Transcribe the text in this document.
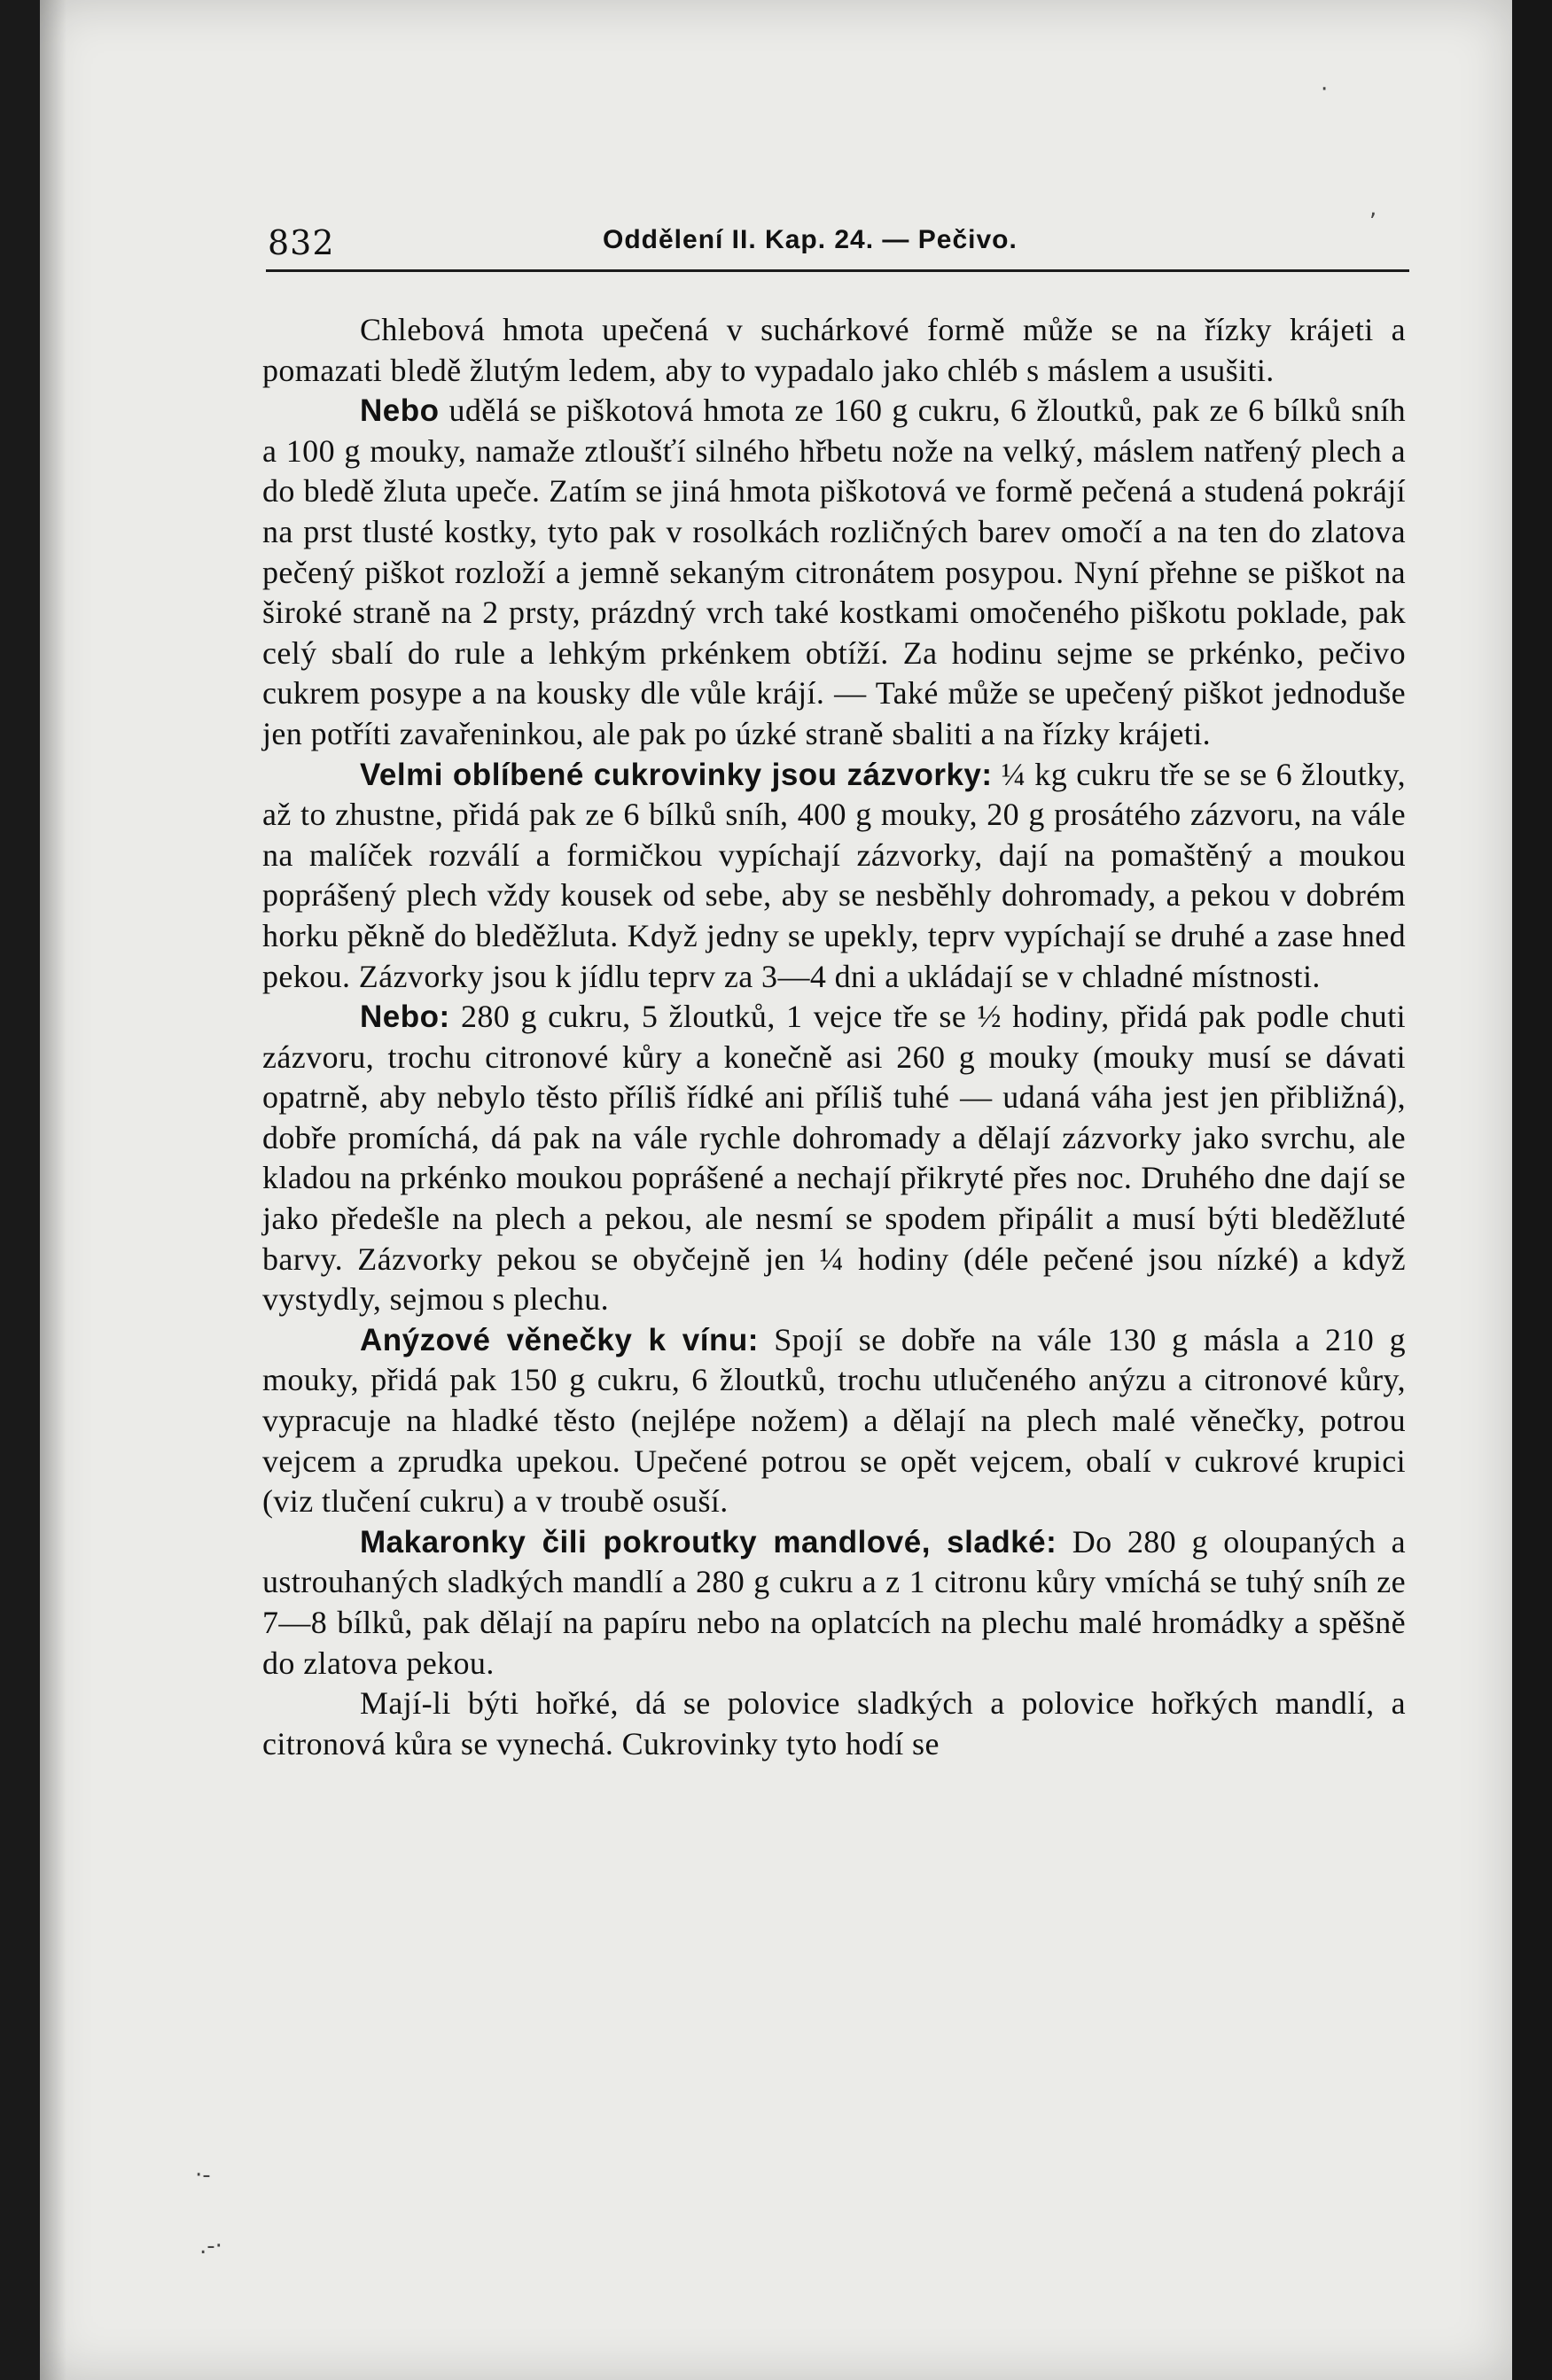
·
,
·-
.-·
832	Oddělení II. Kap. 24. — Pečivo.

Chlebová hmota upečená v suchárkové formě může se na řízky krájeti a pomazati bledě žlutým ledem, aby to vypadalo jako chléb s máslem a usušiti.

Nebo udělá se piškotová hmota ze 160 g cukru, 6 žloutků, pak ze 6 bílků sníh a 100 g mouky, namaže ztloušťí silného hřbetu nože na velký, máslem natřený plech a do bledě žluta upeče. Zatím se jiná hmota piškotová ve formě pečená a studená pokrájí na prst tlusté kostky, tyto pak v rosolkách rozličných barev omočí a na ten do zlatova pečený piškot rozloží a jemně sekaným citronátem posypou. Nyní přehne se piškot na široké straně na 2 prsty, prázdný vrch také kostkami omočeného piškotu poklade, pak celý sbalí do rule a lehkým prkénkem obtíží. Za hodinu sejme se prkénko, pečivo cukrem posype a na kousky dle vůle krájí. — Také může se upečený piškot jednoduše jen potříti zavařeninkou, ale pak po úzké straně sbaliti a na řízky krájeti.

Velmi oblíbené cukrovinky jsou zázvorky: ¼ kg cukru tře se se 6 žloutky, až to zhustne, přidá pak ze 6 bílků sníh, 400 g mouky, 20 g prosátého zázvoru, na vále na malíček rozválí a formičkou vypíchají zázvorky, dají na pomaštěný a moukou poprášený plech vždy kousek od sebe, aby se nesběhly dohromady, a pekou v dobrém horku pěkně do bleděžluta. Když jedny se upekly, teprv vypíchají se druhé a zase hned pekou. Zázvorky jsou k jídlu teprv za 3—4 dni a ukládají se v chladné místnosti.

Nebo: 280 g cukru, 5 žloutků, 1 vejce tře se ½ hodiny, přidá pak podle chuti zázvoru, trochu citronové kůry a konečně asi 260 g mouky (mouky musí se dávati opatrně, aby nebylo těsto příliš řídké ani příliš tuhé — udaná váha jest jen přibližná), dobře promíchá, dá pak na vále rychle dohromady a dělají zázvorky jako svrchu, ale kladou na prkénko moukou poprášené a nechají přikryté přes noc. Druhého dne dají se jako předešle na plech a pekou, ale nesmí se spodem připálit a musí býti bleděžluté barvy. Zázvorky pekou se obyčejně jen ¼ hodiny (déle pečené jsou nízké) a když vystydly, sejmou s plechu.

Anýzové věnečky k vínu: Spojí se dobře na vále 130 g másla a 210 g mouky, přidá pak 150 g cukru, 6 žloutků, trochu utlučeného anýzu a citronové kůry, vypracuje na hladké těsto (nejlépe nožem) a dělají na plech malé věnečky, potrou vejcem a zprudka upekou. Upečené potrou se opět vejcem, obalí v cukrové krupici (viz tlučení cukru) a v troubě osuší.

Makaronky čili pokroutky mandlové, sladké: Do 280 g oloupaných a ustrouhaných sladkých mandlí a 280 g cukru a z 1 citronu kůry vmíchá se tuhý sníh ze 7—8 bílků, pak dělají na papíru nebo na oplatcích na plechu malé hromádky a spěšně do zlatova pekou.

Mají-li býti hořké, dá se polovice sladkých a polovice hořkých mandlí, a citronová kůra se vynechá. Cukrovinky tyto hodí se
